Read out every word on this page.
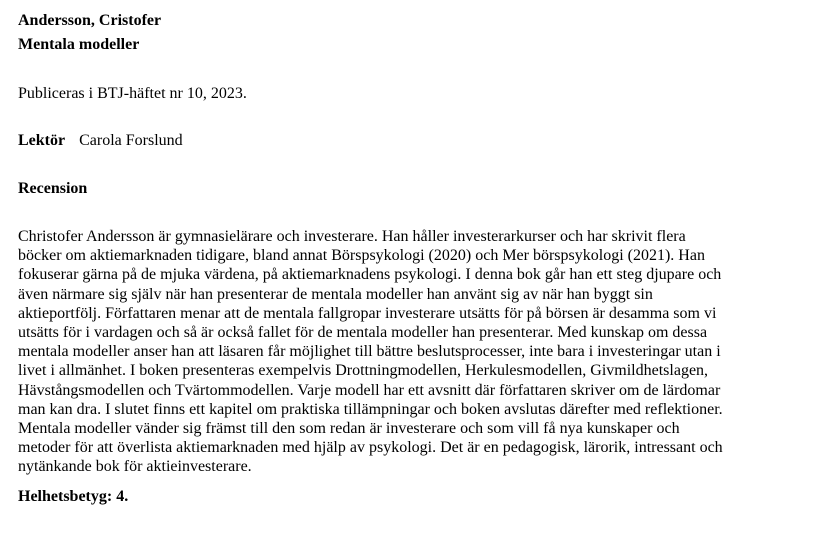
Andersson, Cristofer
Mentala modeller
Publiceras i BTJ-häftet nr 10, 2023.
Lektör Carola Forslund
Recension
Christofer Andersson är gymnasielärare och investerare. Han håller investerarkurser och har skrivit flera
böcker om aktiemarknaden tidigare, bland annat Börspsykologi (2020) och Mer börspsykologi (2021). Han
fokuserar gärna på de mjuka värdena, på aktiemarknadens psykologi. I denna bok går han ett steg djupare och
även närmare sig själv när han presenterar de mentala modeller han använt sig av när han byggt sin
aktieportfölj. Författaren menar att de mentala fallgropar investerare utsätts för på börsen är desamma som vi
utsätts för i vardagen och så är också fallet för de mentala modeller han presenterar. Med kunskap om dessa
mentala modeller anser han att läsaren får möjlighet till bättre beslutsprocesser, inte bara i investeringar utan i
livet i allmänhet. I boken presenteras exempelvis Drottningmodellen, Herkulesmodellen, Givmildhetslagen,
Hävstångsmodellen och Tvärtommodellen. Varje modell har ett avsnitt där författaren skriver om de lärdomar
man kan dra. I slutet finns ett kapitel om praktiska tillämpningar och boken avslutas därefter med reflektioner.
Mentala modeller vänder sig främst till den som redan är investerare och som vill få nya kunskaper och
metoder för att överlista aktiemarknaden med hjälp av psykologi. Det är en pedagogisk, lärorik, intressant och
nytänkande bok för aktieinvesterare.
Helhetsbetyg: 4.
